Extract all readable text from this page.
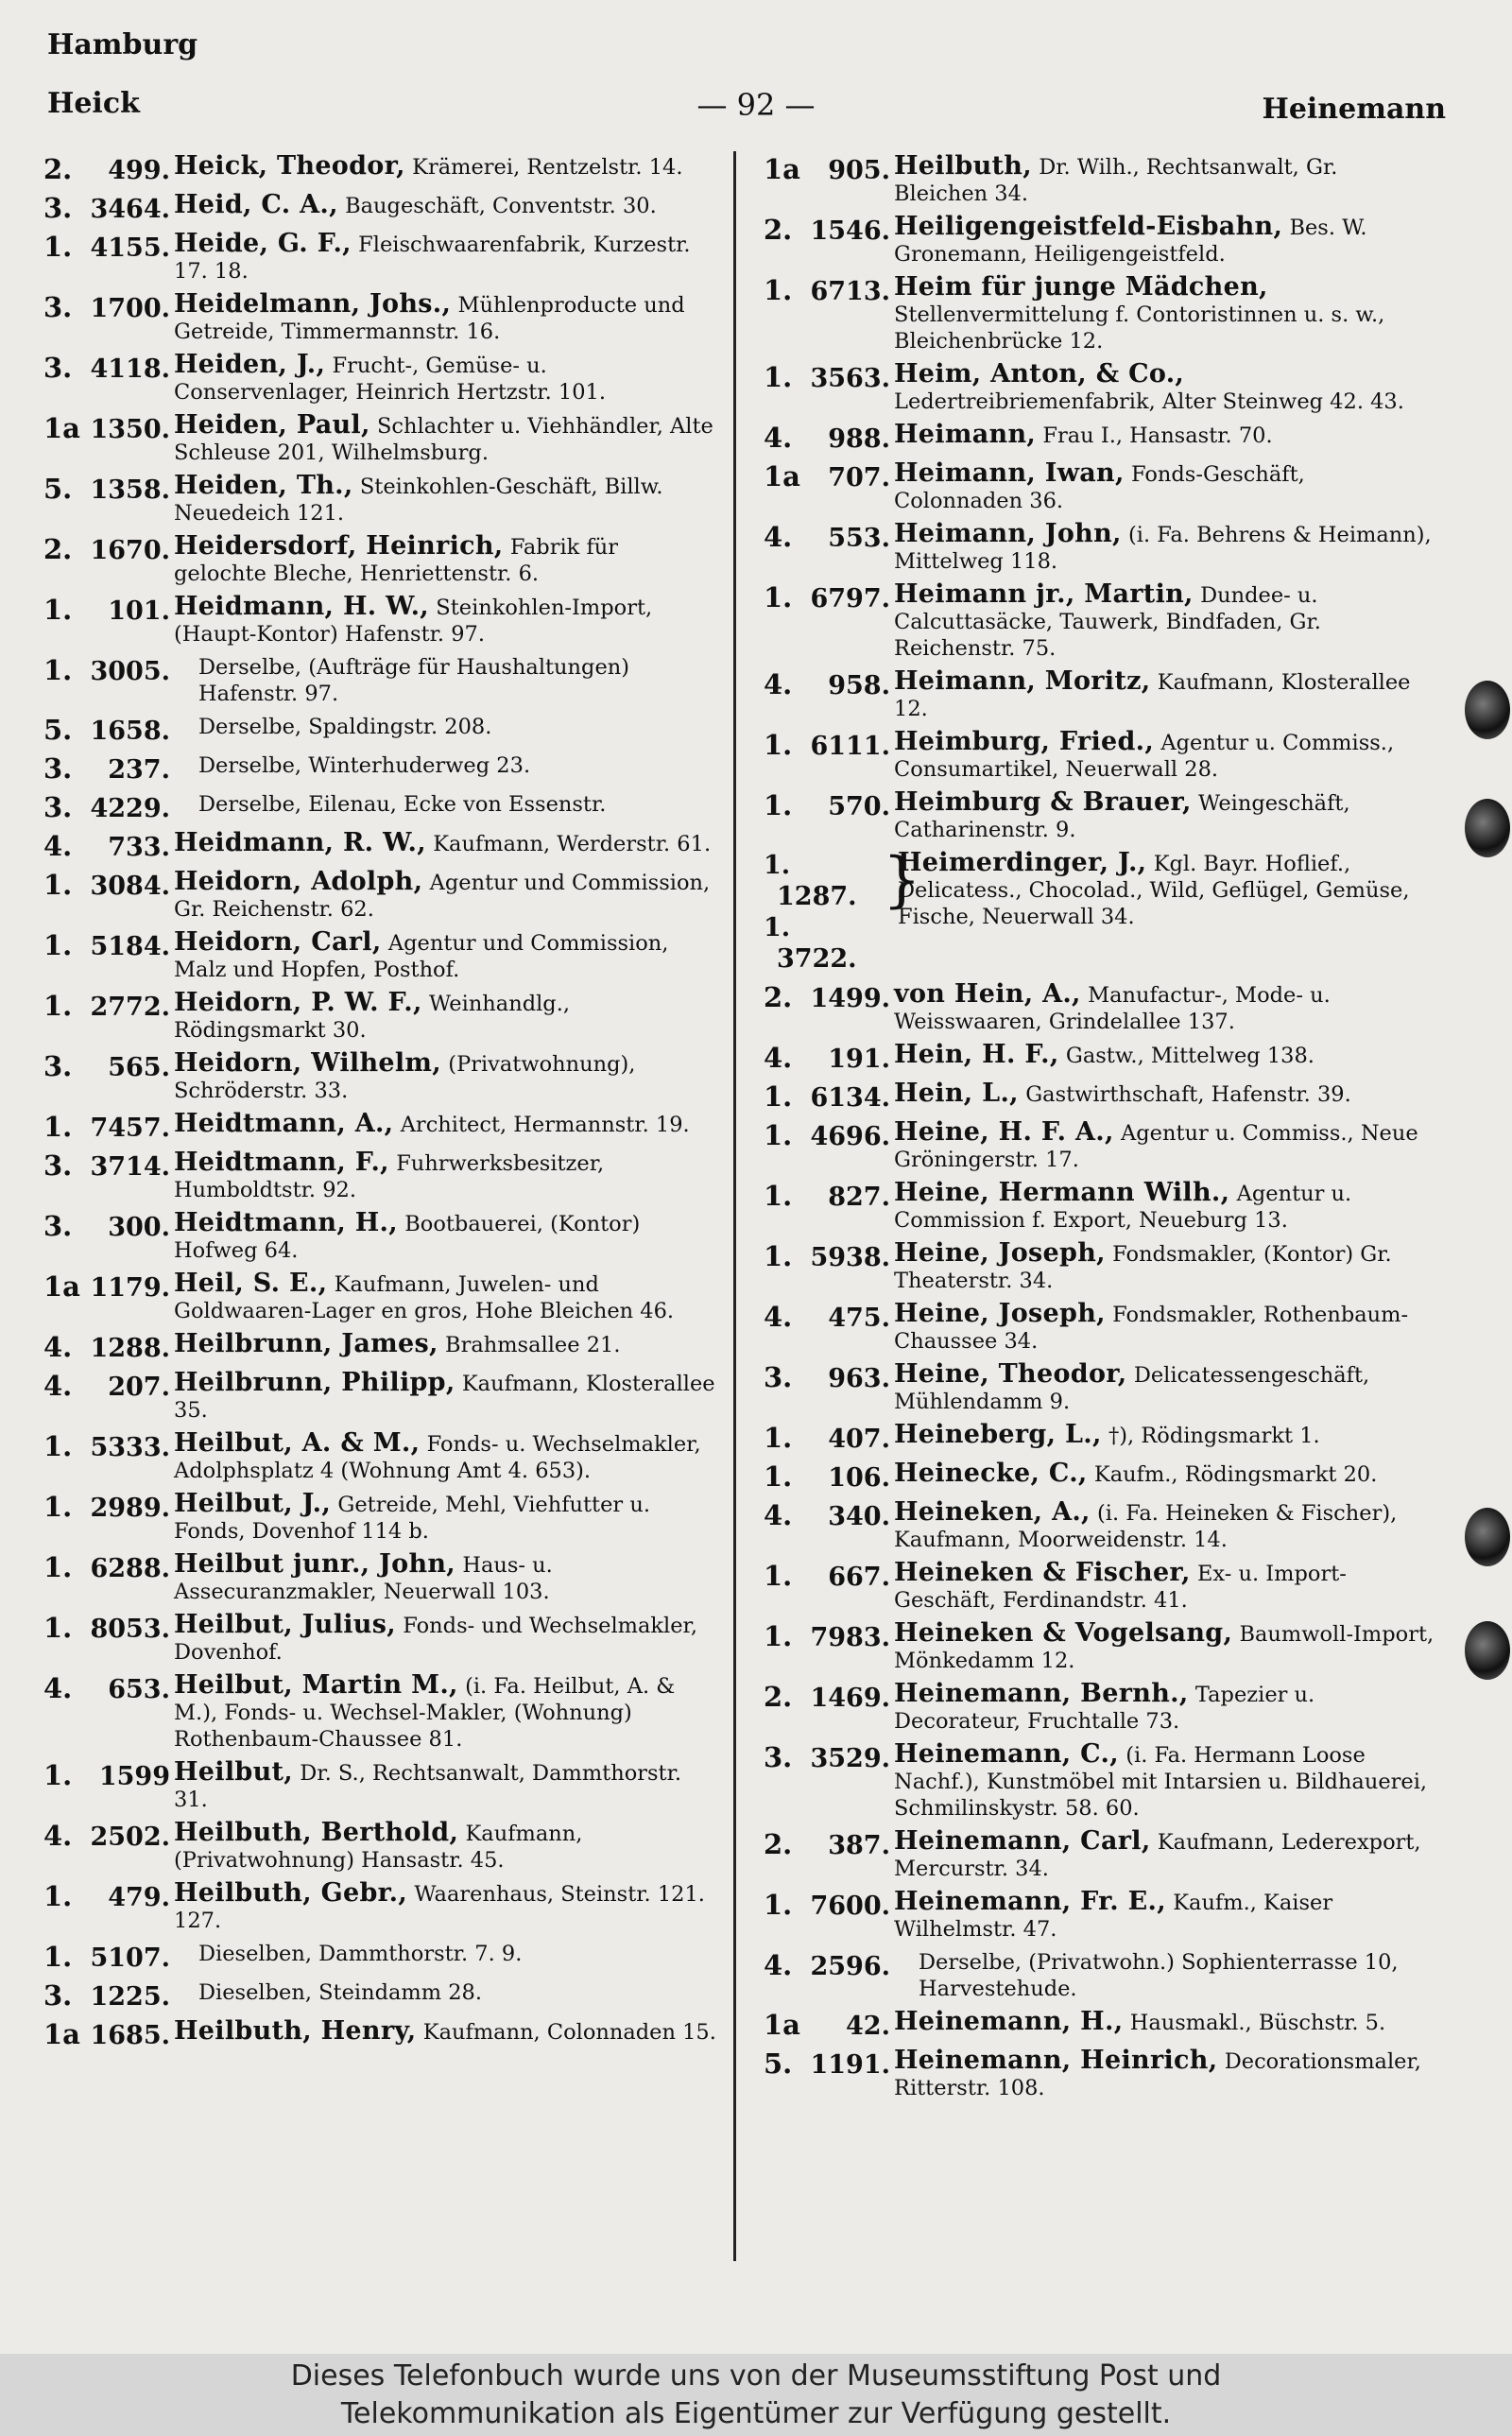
Hamburg
Heick	— 92 —	Heinemann
2. 499. Heick, Theodor, Krämerei, Rentzelstr. 14.
3. 3464. Heid, C. A., Baugeschäft, Conventstr. 30.
1. 4155. Heide, G. F., Fleischwaarenfabrik, Kurzestr. 17. 18.
3. 1700. Heidelmann, Johs., Mühlenproducte und Getreide, Timmermannstr. 16.
3. 4118. Heiden, J., Frucht-, Gemüse- u. Conservenlager, Heinrich Hertzstr. 101.
1a 1350. Heiden, Paul, Schlachter u. Viehhändler, Alte Schleuse 201, Wilhelmsburg.
5. 1358. Heiden, Th., Steinkohlen-Geschäft, Billw. Neuedeich 121.
2. 1670. Heidersdorf, Heinrich, Fabrik für gelochte Bleche, Henriettenstr. 6.
1. 101. Heidmann, H. W., Steinkohlen-Import, (Haupt-Kontor) Hafenstr. 97.
1. 3005. Derselbe, (Aufträge für Haushaltungen) Hafenstr. 97.
5. 1658. Derselbe, Spaldingstr. 208.
3. 237. Derselbe, Winterhuderweg 23.
3. 4229. Derselbe, Eilenau, Ecke von Essenstr.
4. 733. Heidmann, R. W., Kaufmann, Werderstr. 61.
1. 3084. Heidorn, Adolph, Agentur und Commission, Gr. Reichenstr. 62.
1. 5184. Heidorn, Carl, Agentur und Commission, Malz und Hopfen, Posthof.
1. 2772. Heidorn, P. W. F., Weinhandlg., Rödingsmarkt 30.
3. 565. Heidorn, Wilhelm, (Privatwohnung), Schröderstr. 33.
1. 7457. Heidtmann, A., Architect, Hermannstr. 19.
3. 3714. Heidtmann, F., Fuhrwerksbesitzer, Humboldtstr. 92.
3. 300. Heidtmann, H., Bootbauerei, (Kontor) Hofweg 64.
1a 1179. Heil, S. E., Kaufmann, Juwelen- und Goldwaaren-Lager en gros, Hohe Bleichen 46.
4. 1288. Heilbrunn, James, Brahmsallee 21.
4. 207. Heilbrunn, Philipp, Kaufmann, Klosterallee 35.
1. 5333. Heilbut, A. & M., Fonds- u. Wechselmakler, Adolphsplatz 4 (Wohnung Amt 4. 653).
1. 2989. Heilbut, J., Getreide, Mehl, Viehfutter u. Fonds, Dovenhof 114 b.
1. 6288. Heilbut junr., John, Haus- u. Assecuranzmakler, Neuerwall 103.
1. 8053. Heilbut, Julius, Fonds- und Wechselmakler, Dovenhof.
4. 653. Heilbut, Martin M., (i. Fa. Heilbut, A. & M.), Fonds- u. Wechsel-Makler, (Wohnung) Rothenbaum-Chaussee 81.
1. 1599 Heilbut, Dr. S., Rechtsanwalt, Dammthorstr. 31.
4. 2502. Heilbuth, Berthold, Kaufmann, (Privatwohnung) Hansastr. 45.
1. 479. Heilbuth, Gebr., Waarenhaus, Steinstr. 121. 127.
1. 5107. Dieselben, Dammthorstr. 7. 9.
3. 1225. Dieselben, Steindamm 28.
1a 1685. Heilbuth, Henry, Kaufmann, Colonnaden 15.
1a 905. Heilbuth, Dr. Wilh., Rechtsanwalt, Gr. Bleichen 34.
2. 1546. Heiligengeistfeld-Eisbahn, Bes. W. Gronemann, Heiligengeistfeld.
1. 6713. Heim für junge Mädchen, Stellenvermittelung f. Contoristinnen u. s. w., Bleichenbrücke 12.
1. 3563. Heim, Anton, & Co., Ledertreibriemenfabrik, Alter Steinweg 42. 43.
4. 988. Heimann, Frau I., Hansastr. 70.
1a 707. Heimann, Iwan, Fonds-Geschäft, Colonnaden 36.
4. 553. Heimann, John, (i. Fa. Behrens & Heimann), Mittelweg 118.
1. 6797. Heimann jr., Martin, Dundee- u. Calcuttasäcke, Tauwerk, Bindfaden, Gr. Reichenstr. 75.
4. 958. Heimann, Moritz, Kaufmann, Klosterallee 12.
1. 6111. Heimburg, Fried., Agentur u. Commiss., Consumartikel, Neuerwall 28.
1. 570. Heimburg & Brauer, Weingeschäft, Catharinenstr. 9.
1.1287.
1.3722.
}
Heimerdinger, J., Kgl. Bayr. Hoflief., Delicatess., Chocolad., Wild, Geflügel, Gemüse, Fische, Neuerwall 34.
2. 1499. von Hein, A., Manufactur-, Mode- u. Weisswaaren, Grindelallee 137.
4. 191. Hein, H. F., Gastw., Mittelweg 138.
1. 6134. Hein, L., Gastwirthschaft, Hafenstr. 39.
1. 4696. Heine, H. F. A., Agentur u. Commiss., Neue Gröningerstr. 17.
1. 827. Heine, Hermann Wilh., Agentur u. Commission f. Export, Neueburg 13.
1. 5938. Heine, Joseph, Fondsmakler, (Kontor) Gr. Theaterstr. 34.
4. 475. Heine, Joseph, Fondsmakler, Rothenbaum-Chaussee 34.
3. 963. Heine, Theodor, Delicatessengeschäft, Mühlendamm 9.
1. 407. Heineberg, L., †), Rödingsmarkt 1.
1. 106. Heinecke, C., Kaufm., Rödingsmarkt 20.
4. 340. Heineken, A., (i. Fa. Heineken & Fischer), Kaufmann, Moorweidenstr. 14.
1. 667. Heineken & Fischer, Ex- u. Import-Geschäft, Ferdinandstr. 41.
1. 7983. Heineken & Vogelsang, Baumwoll-Import, Mönkedamm 12.
2. 1469. Heinemann, Bernh., Tapezier u. Decorateur, Fruchtalle 73.
3. 3529. Heinemann, C., (i. Fa. Hermann Loose Nachf.), Kunstmöbel mit Intarsien u. Bildhauerei, Schmilinskystr. 58. 60.
2. 387. Heinemann, Carl, Kaufmann, Lederexport, Mercurstr. 34.
1. 7600. Heinemann, Fr. E., Kaufm., Kaiser Wilhelmstr. 47.
4. 2596. Derselbe, (Privatwohn.) Sophienterrasse 10, Harvestehude.
1a 42. Heinemann, H., Hausmakl., Büschstr. 5.
5. 1191. Heinemann, Heinrich, Decorationsmaler, Ritterstr. 108.
Dieses Telefonbuch wurde uns von der Museumsstiftung Post und
Telekommunikation als Eigentümer zur Verfügung gestellt.
